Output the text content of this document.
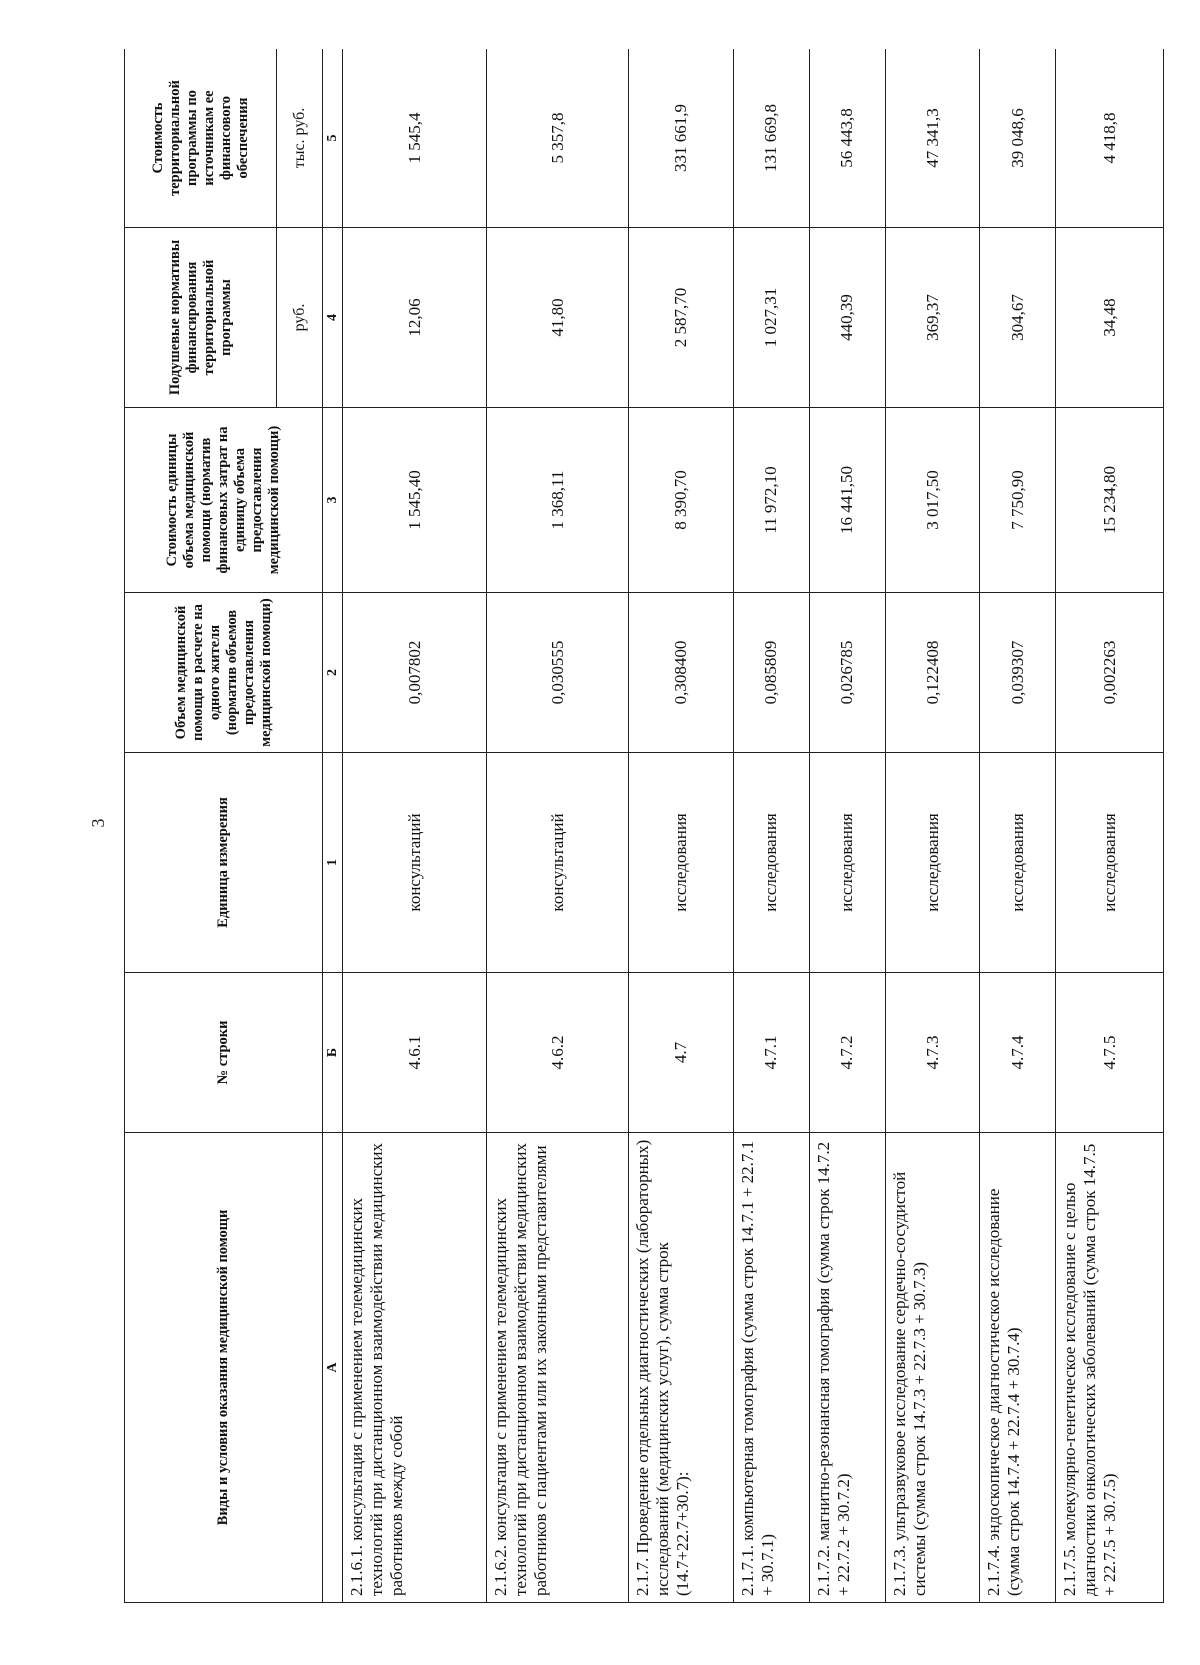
3
Виды и условия оказания медицинской помощи	№ строки	Единица измерения	Объем медицинской помощи в расчете на одного жителя (норматив объемов предоставления медицинской помощи)	Стоимость единицы объема медицинской помощи (норматив финансовых затрат на единицу объема предоставления медицинской помощи)	Подушевые нормативы финансирования территориальной программы	Стоимость территориальной программы по источникам ее финансового обеспечения
					руб.	тыс. руб.
А	Б	1	2	3	4	5
2.1.6.1. консультация с применением телемедицинских технологий при дистанционном взаимодействии медицинских работников между собой	4.6.1	консультаций	0,007802	1 545,40	12,06	1 545,4
2.1.6.2. консультация с применением телемедицинских технологий при дистанционном взаимодействии медицинских работников с пациентами или их законными представителями	4.6.2	консультаций	0,030555	1 368,11	41,80	5 357,8
2.1.7. Проведение отдельных диагностических (лабораторных) исследований (медицинских услуг), сумма строк (14.7+22.7+30.7):	4.7	исследования	0,308400	8 390,70	2 587,70	331 661,9
2.1.7.1. компьютерная томография (сумма строк 14.7.1 + 22.7.1 + 30.7.1)	4.7.1	исследования	0,085809	11 972,10	1 027,31	131 669,8
2.1.7.2. магнитно-резонансная томография (сумма строк 14.7.2 + 22.7.2 + 30.7.2)	4.7.2	исследования	0,026785	16 441,50	440,39	56 443,8
2.1.7.3. ультразвуковое исследование сердечно-сосудистой системы (сумма строк 14.7.3 + 22.7.3 + 30.7.3)	4.7.3	исследования	0,122408	3 017,50	369,37	47 341,3
2.1.7.4. эндоскопическое диагностическое исследование (сумма строк 14.7.4 + 22.7.4 + 30.7.4)	4.7.4	исследования	0,039307	7 750,90	304,67	39 048,6
2.1.7.5. молекулярно-генетическое исследование с целью диагностики онкологических заболеваний (сумма строк 14.7.5 + 22.7.5 + 30.7.5)	4.7.5	исследования	0,002263	15 234,80	34,48	4 418,8
